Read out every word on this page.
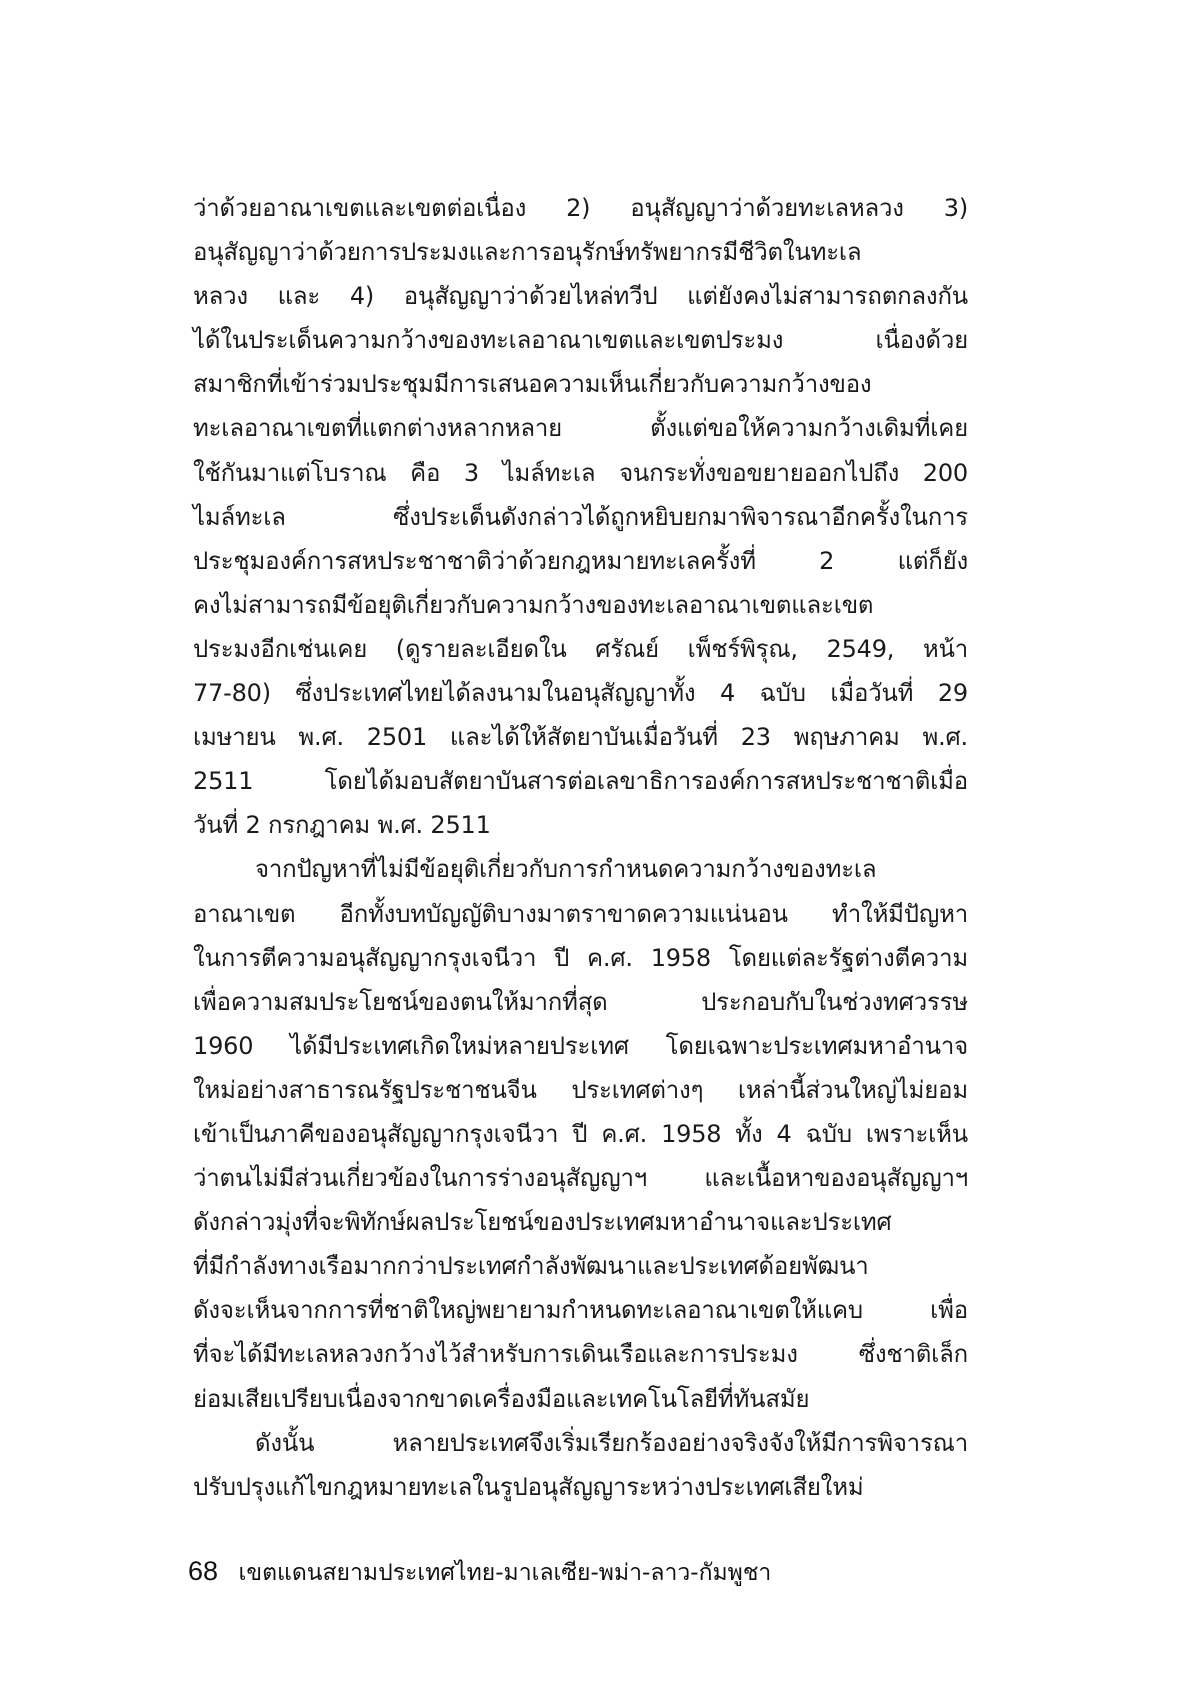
ว่าด้วยอาณาเขตและเขตต่อเนื่อง 2) อนุสัญญาว่าด้วยทะเลหลวง 3)
อนุสัญญาว่าด้วยการประมงและการอนุรักษ์ทรัพยากรมีชีวิตในทะเล
หลวง และ 4) อนุสัญญาว่าด้วยไหล่ทวีป แต่ยังคงไม่สามารถตกลงกัน
ได้ในประเด็นความกว้างของทะเลอาณาเขตและเขตประมง เนื่องด้วย
สมาชิกที่เข้าร่วมประชุมมีการเสนอความเห็นเกี่ยวกับความกว้างของ
ทะเลอาณาเขตที่แตกต่างหลากหลาย ตั้งแต่ขอให้ความกว้างเดิมที่เคย
ใช้กันมาแต่โบราณ คือ 3 ไมล์ทะเล จนกระทั่งขอขยายออกไปถึง 200
ไมล์ทะเล ซึ่งประเด็นดังกล่าวได้ถูกหยิบยกมาพิจารณาอีกครั้งในการ
ประชุมองค์การสหประชาชาติว่าด้วยกฎหมายทะเลครั้งที่ 2 แต่ก็ยัง
คงไม่สามารถมีข้อยุติเกี่ยวกับความกว้างของทะเลอาณาเขตและเขต
ประมงอีกเช่นเคย (ดูรายละเอียดใน ศรัณย์ เพ็ชร์พิรุณ, 2549, หน้า
77-80) ซึ่งประเทศไทยได้ลงนามในอนุสัญญาทั้ง 4 ฉบับ เมื่อวันที่ 29
เมษายน พ.ศ. 2501 และได้ให้สัตยาบันเมื่อวันที่ 23 พฤษภาคม พ.ศ.
2511 โดยได้มอบสัตยาบันสารต่อเลขาธิการองค์การสหประชาชาติเมื่อ
วันที่ 2 กรกฎาคม พ.ศ. 2511
จากปัญหาที่ไม่มีข้อยุติเกี่ยวกับการกำหนดความกว้างของทะเล
อาณาเขต อีกทั้งบทบัญญัติบางมาตราขาดความแน่นอน ทำให้มีปัญหา
ในการตีความอนุสัญญากรุงเจนีวา ปี ค.ศ. 1958 โดยแต่ละรัฐต่างตีความ
เพื่อความสมประโยชน์ของตนให้มากที่สุด ประกอบกับในช่วงทศวรรษ
1960 ได้มีประเทศเกิดใหม่หลายประเทศ โดยเฉพาะประเทศมหาอำนาจ
ใหม่อย่างสาธารณรัฐประชาชนจีน ประเทศต่างๆ เหล่านี้ส่วนใหญ่ไม่ยอม
เข้าเป็นภาคีของอนุสัญญากรุงเจนีวา ปี ค.ศ. 1958 ทั้ง 4 ฉบับ เพราะเห็น
ว่าตนไม่มีส่วนเกี่ยวข้องในการร่างอนุสัญญาฯ และเนื้อหาของอนุสัญญาฯ
ดังกล่าวมุ่งที่จะพิทักษ์ผลประโยชน์ของประเทศมหาอำนาจและประเทศ
ที่มีกำลังทางเรือมากกว่าประเทศกำลังพัฒนาและประเทศด้อยพัฒนา
ดังจะเห็นจากการที่ชาติใหญ่พยายามกำหนดทะเลอาณาเขตให้แคบ เพื่อ
ที่จะได้มีทะเลหลวงกว้างไว้สำหรับการเดินเรือและการประมง ซึ่งชาติเล็ก
ย่อมเสียเปรียบเนื่องจากขาดเครื่องมือและเทคโนโลยีที่ทันสมัย
ดังนั้น หลายประเทศจึงเริ่มเรียกร้องอย่างจริงจังให้มีการพิจารณา
ปรับปรุงแก้ไขกฎหมายทะเลในรูปอนุสัญญาระหว่างประเทศเสียใหม่
68 เขตแดนสยามประเทศไทย-มาเลเซีย-พม่า-ลาว-กัมพูชา
